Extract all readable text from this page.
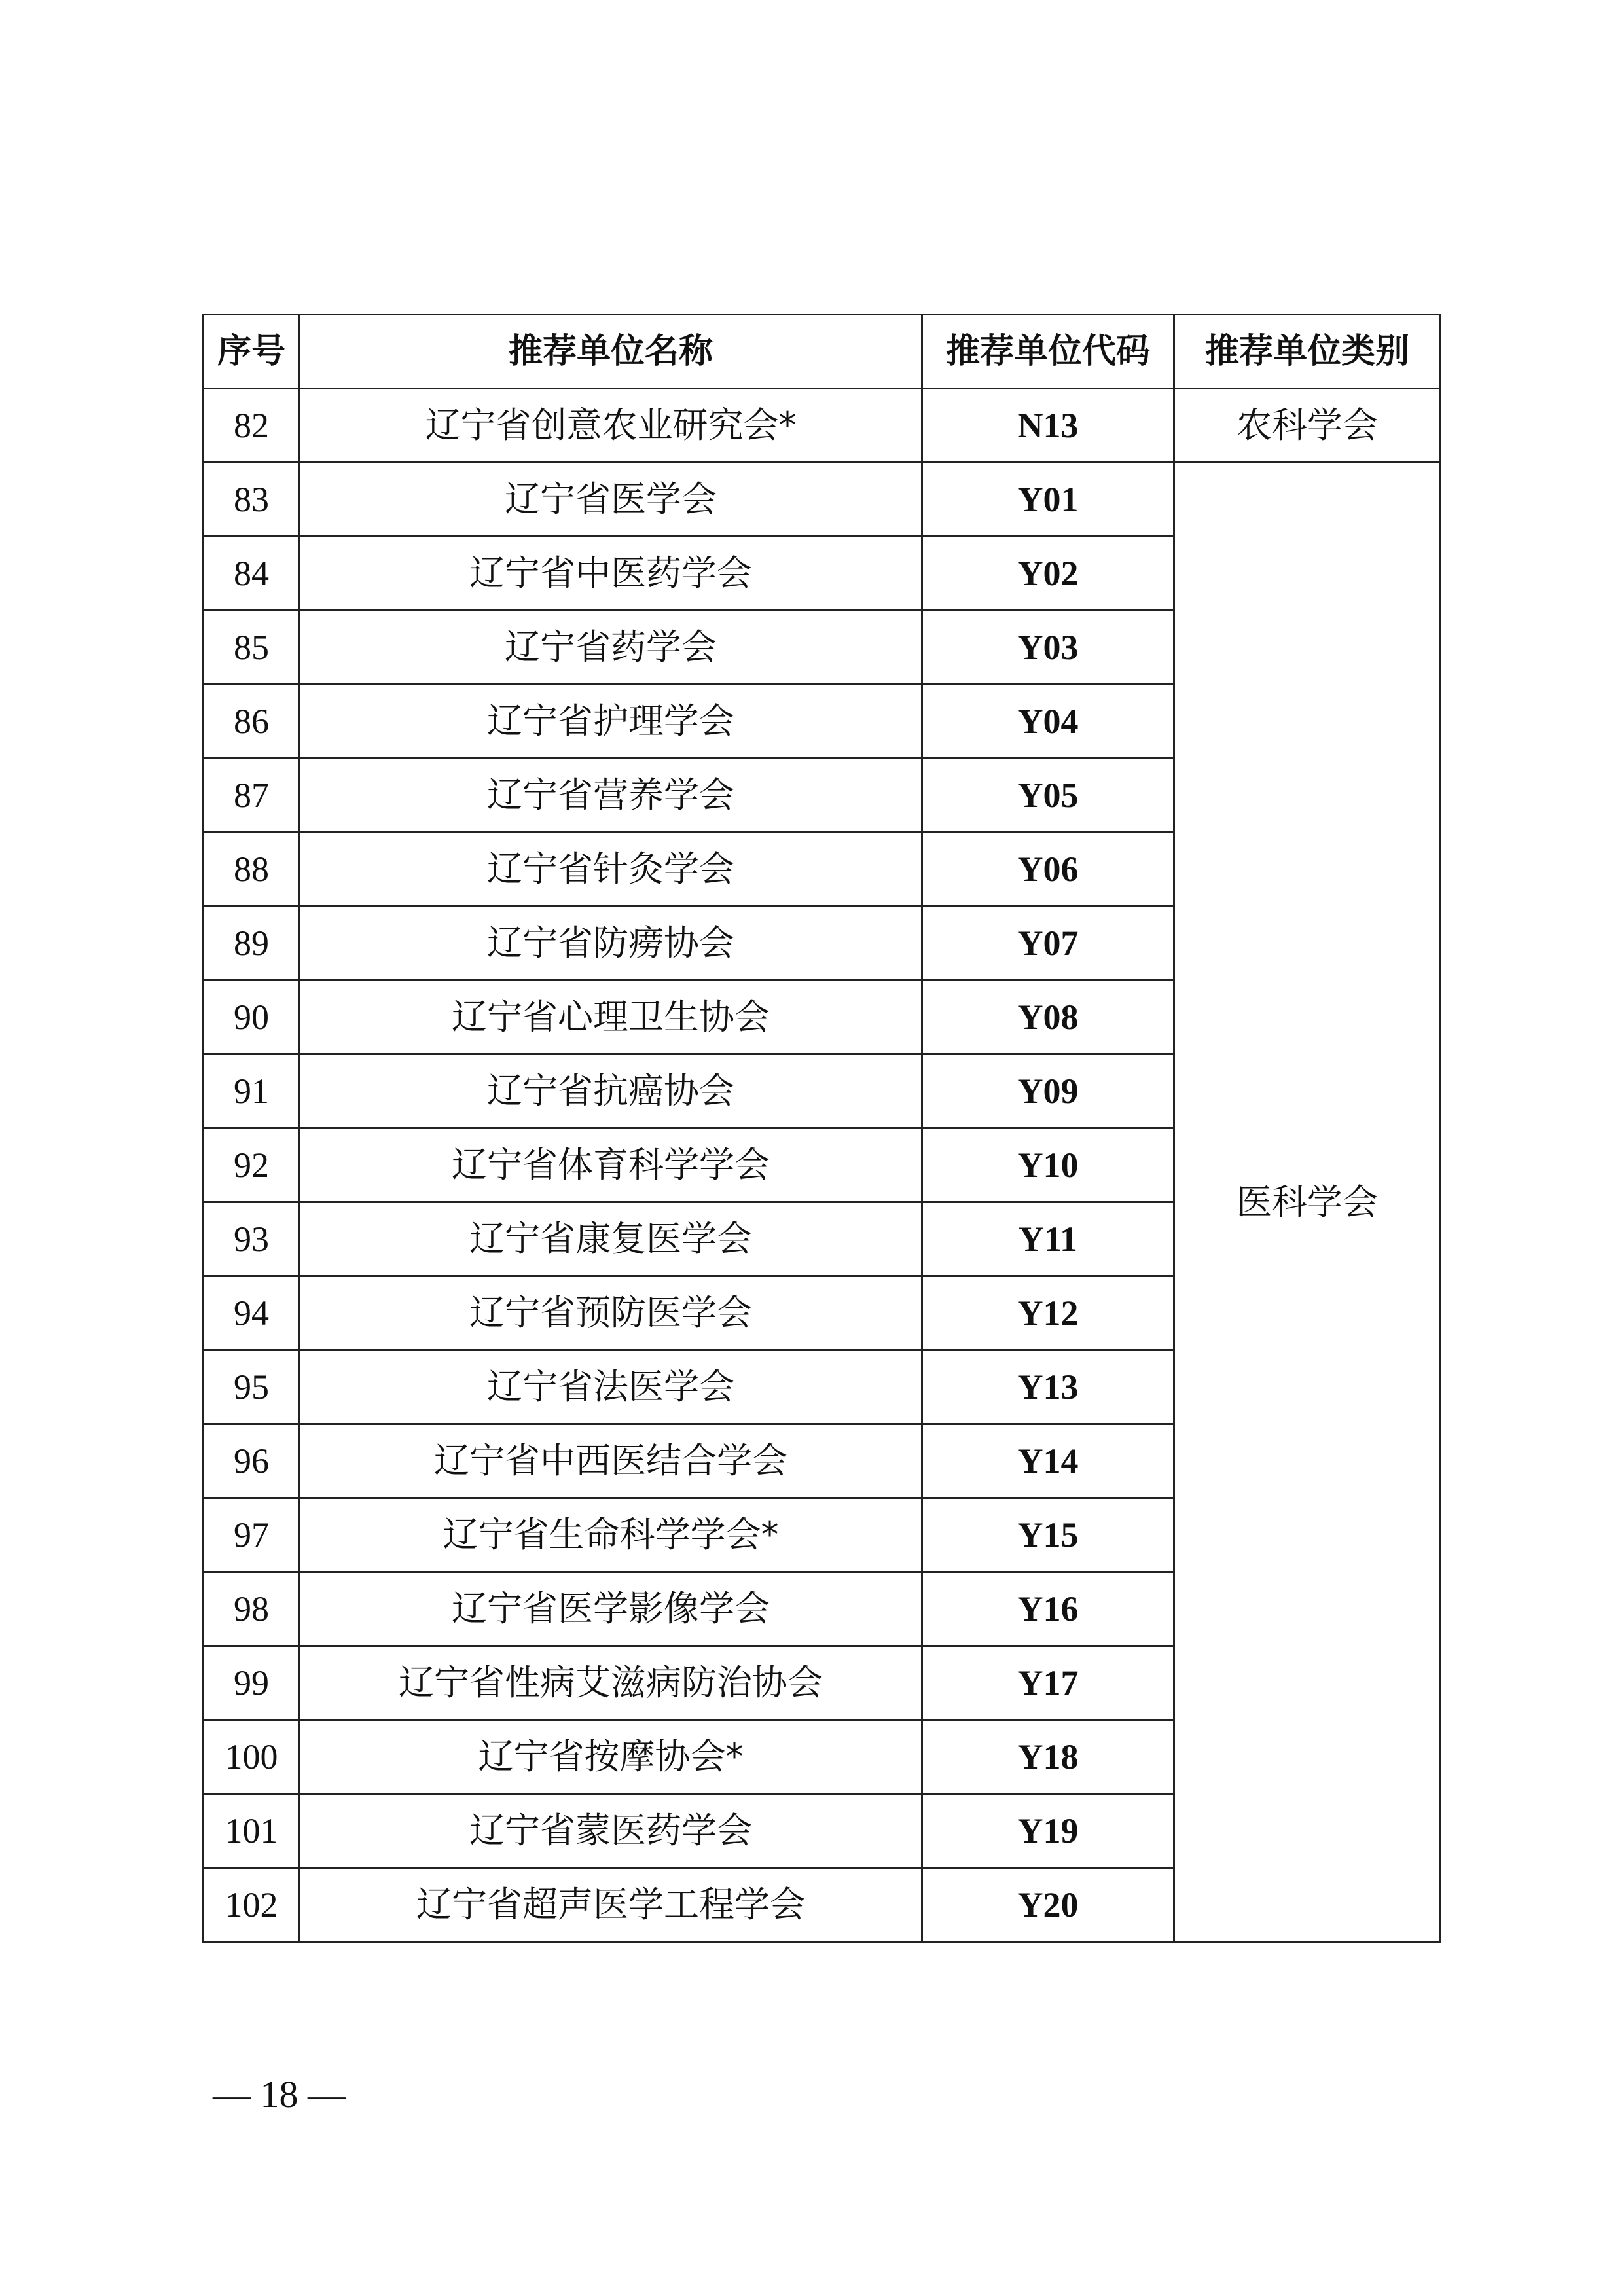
序号	推荐单位名称	推荐单位代码	推荐单位类别
82	辽宁省创意农业研究会*	N13	农科学会
83	辽宁省医学会	Y01	医科学会
84	辽宁省中医药学会	Y02	
85	辽宁省药学会	Y03	
86	辽宁省护理学会	Y04	
87	辽宁省营养学会	Y05	
88	辽宁省针灸学会	Y06	
89	辽宁省防痨协会	Y07	
90	辽宁省心理卫生协会	Y08	
91	辽宁省抗癌协会	Y09	
92	辽宁省体育科学学会	Y10	
93	辽宁省康复医学会	Y11	
94	辽宁省预防医学会	Y12	
95	辽宁省法医学会	Y13	
96	辽宁省中西医结合学会	Y14	
97	辽宁省生命科学学会*	Y15	
98	辽宁省医学影像学会	Y16	
99	辽宁省性病艾滋病防治协会	Y17	
100	辽宁省按摩协会*	Y18	
101	辽宁省蒙医药学会	Y19	
102	辽宁省超声医学工程学会	Y20	
— 18 —
